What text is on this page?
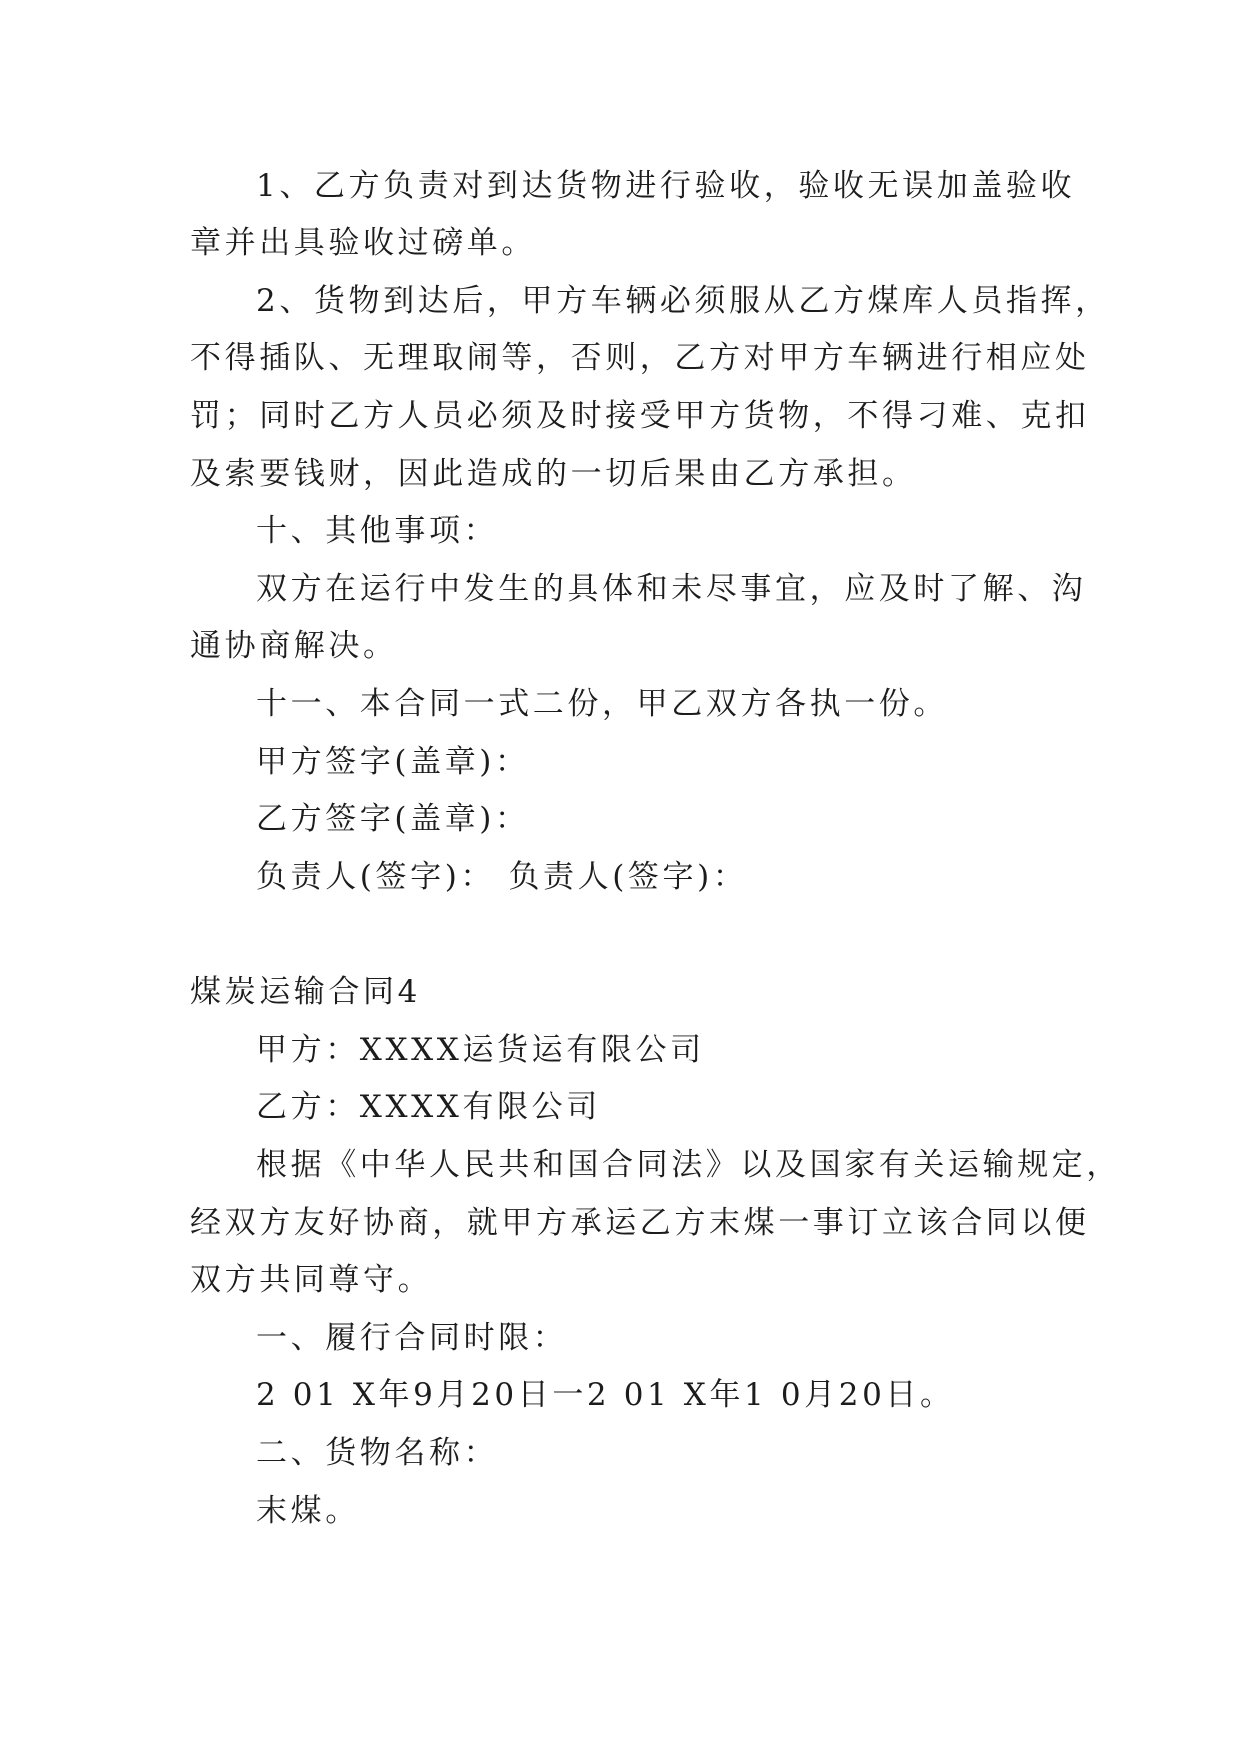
1、乙方负责对到达货物进行验收，验收无误加盖验收
章并出具验收过磅单。
2、货物到达后，甲方车辆必须服从乙方煤库人员指挥，
不得插队、无理取闹等，否则，乙方对甲方车辆进行相应处
罚；同时乙方人员必须及时接受甲方货物，不得刁难、克扣
及索要钱财，因此造成的一切后果由乙方承担。
十、其他事项：
双方在运行中发生的具体和未尽事宜，应及时了解、沟
通协商解决。
十一、本合同一式二份，甲乙双方各执一份。
甲方签字(盖章)：
乙方签字(盖章)：
负责人(签字)： 负责人(签字)：
煤炭运输合同4
甲方：XXXX运货运有限公司
乙方：XXXX有限公司
根据《中华人民共和国合同法》以及国家有关运输规定，
经双方友好协商，就甲方承运乙方末煤一事订立该合同以便
双方共同尊守。
一、履行合同时限：
2 01 X年9月20日一2 01 X年1 0月20日。
二、货物名称：
末煤。
